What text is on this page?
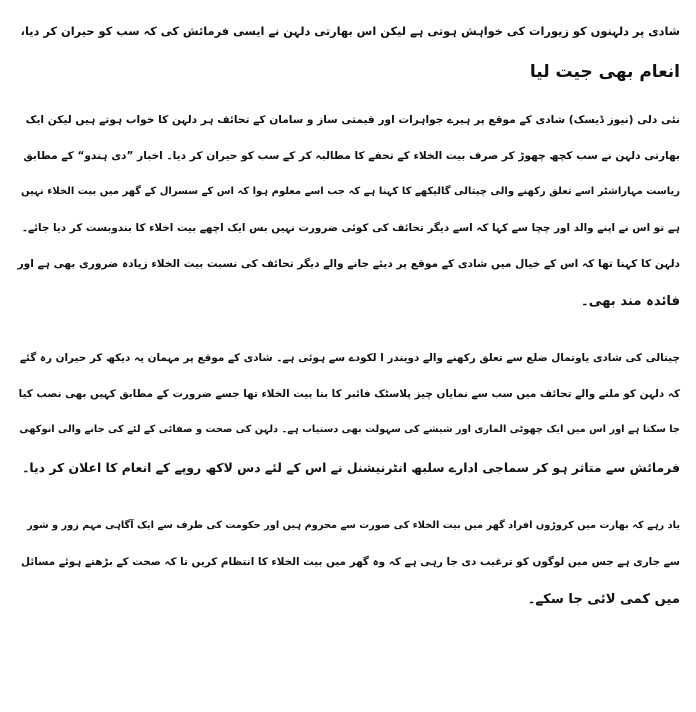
شادی پر دلہنوں کو زیورات کی خواہش ہوتی ہے لیکن اس بھارتی دلہن نے ایسی فرمائش کی کہ سب کو حیران کر دیا،
انعام بھی جیت لیا
نئی دلی (نیوز ڈیسک) شادی کے موقع پر ہیرے جواہرات اور قیمتی ساز و سامان کے تحائف ہر دلہن کا خواب ہوتے ہیں لیکن ایک
بھارتی دلہن نے سب کچھ چھوڑ کر صرف بیت الخلاء کے تحفے کا مطالبہ کر کے سب کو حیران کر دیا۔ اخبار ”دی ہندو“ کے مطابق
ریاست مہاراشٹر اسے تعلق رکھنے والی چیتالی گالیکھے کا کہنا ہے کہ جب اسے معلوم ہوا کہ اس کے سسرال کے گھر میں بیت الخلاء نہیں
ہے تو اس نے اپنے والد اور چچا سے کہا کہ اسے دیگر تحائف کی کوئی ضرورت نہیں بس ایک اچھے بیت اخلاء کا بندوبست کر دیا جائے۔
دلہن کا کہنا تھا کہ اس کے خیال میں شادی کے موقع پر دیئے جانے والے دیگر تحائف کی نسبت بیت الخلاء زیادہ ضروری بھی ہے اور
فائدہ مند بھی۔
چیتالی کی شادی یاوتمال ضلع سے تعلق رکھنے والے دویندر ا لکودے سے ہوئی ہے۔ شادی کے موقع پر مہمان یہ دیکھ کر حیران رہ گئے
کہ دلہن کو ملنے والے تحائف میں سب سے نمایاں چیز پلاسٹک فائبر کا بنا بیت الخلاء تھا جسے ضرورت کے مطابق کہیں بھی نصب کیا
جا سکتا ہے اور اس میں ایک چھوٹی الماری اور شیشے کی سہولت بھی دستیاب ہے۔ دلہن کی صحت و صفائی کے لئے کی جانے والی انوکھی
فرمائش سے متاثر ہو کر سماجی ادارے سلبھ انٹرنیشنل نے اس کے لئے دس لاکھ روپے کے انعام کا اعلان کر دیا۔
یاد رہے کہ بھارت میں کروڑوں افراد گھر میں بیت الخلاء کی صورت سے محروم ہیں اور حکومت کی طرف سے ایک آگاہی مہم زور و شور
سے جاری ہے جس میں لوگوں کو ترغیب دی جا رہی ہے کہ وہ گھر میں بیت الخلاء کا انتظام کریں تا کہ صحت کے بڑھتے ہوئے مسائل
میں کمی لائی جا سکے۔
